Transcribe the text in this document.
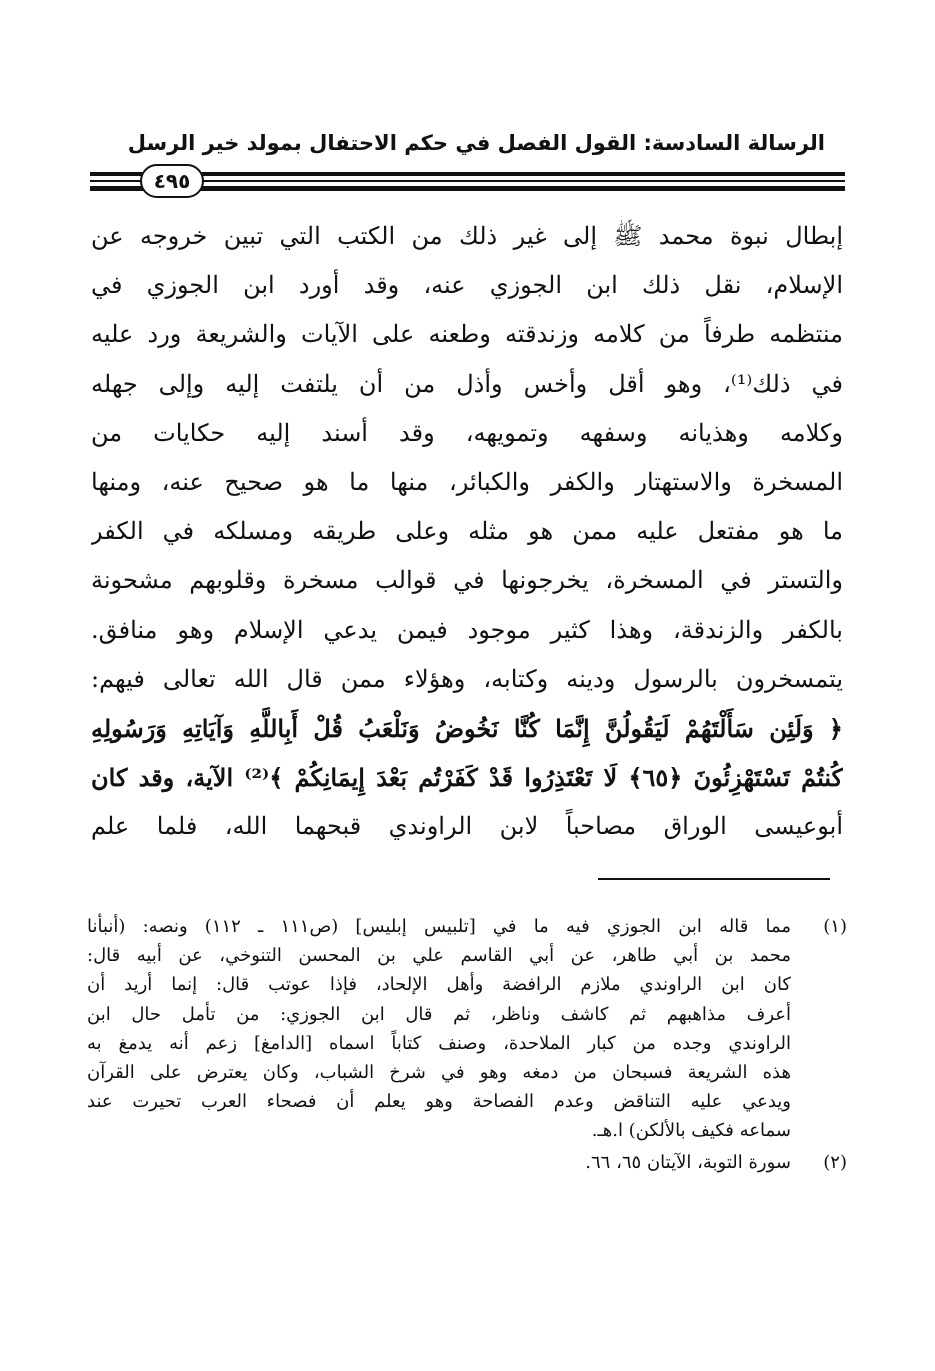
الرسالة السادسة: القول الفصل في حكم الاحتفال بمولد خير الرسل
٤٩٥
إبطال نبوة محمد ﷺ إلى غير ذلك من الكتب التي تبين خروجه عن
الإسلام، نقل ذلك ابن الجوزي عنه، وقد أورد ابن الجوزي في
منتظمه طرفاً من كلامه وزندقته وطعنه على الآيات والشريعة ورد عليه
في ذلك⁽¹⁾، وهو أقل وأخس وأذل من أن يلتفت إليه وإلى جهله
وكلامه وهذيانه وسفهه وتمويهه، وقد أسند إليه حكايات من
المسخرة والاستهتار والكفر والكبائر، منها ما هو صحيح عنه، ومنها
ما هو مفتعل عليه ممن هو مثله وعلى طريقه ومسلكه في الكفر
والتستر في المسخرة، يخرجونها في قوالب مسخرة وقلوبهم مشحونة
بالكفر والزندقة، وهذا كثير موجود فيمن يدعي الإسلام وهو منافق.
يتمسخرون بالرسول ودينه وكتابه، وهؤلاء ممن قال الله تعالى فيهم:
﴿ وَلَئِن سَأَلْتَهُمْ لَيَقُولُنَّ إِنَّمَا كُنَّا نَخُوضُ وَنَلْعَبُ قُلْ أَبِاللَّهِ وَآيَاتِهِ وَرَسُولِهِ
كُنتُمْ تَسْتَهْزِئُونَ ﴿٦٥﴾ لَا تَعْتَذِرُوا قَدْ كَفَرْتُم بَعْدَ إِيمَانِكُمْ ﴾⁽²⁾ الآية، وقد كان
أبوعيسى الوراق مصاحباً لابن الراوندي قبحهما الله، فلما علم
(١)
مما قاله ابن الجوزي فيه ما في [تلبيس إبليس] (ص١١١ ـ ١١٢) ونصه: (أنبأنا
محمد بن أبي طاهر، عن أبي القاسم علي بن المحسن التنوخي، عن أبيه قال:
كان ابن الراوندي ملازم الرافضة وأهل الإلحاد، فإذا عوتب قال: إنما أريد أن
أعرف مذاهبهم ثم كاشف وناظر، ثم قال ابن الجوزي: من تأمل حال ابن
الراوندي وجده من كبار الملاحدة، وصنف كتاباً اسماه [الدامغ] زعم أنه يدمغ به
هذه الشريعة فسبحان من دمغه وهو في شرخ الشباب، وكان يعترض على القرآن
ويدعي عليه التناقض وعدم الفصاحة وهو يعلم أن فصحاء العرب تحيرت عند
سماعه فكيف بالألكن) ا.هـ.
(٢)
سورة التوبة، الآيتان ٦٥، ٦٦.
